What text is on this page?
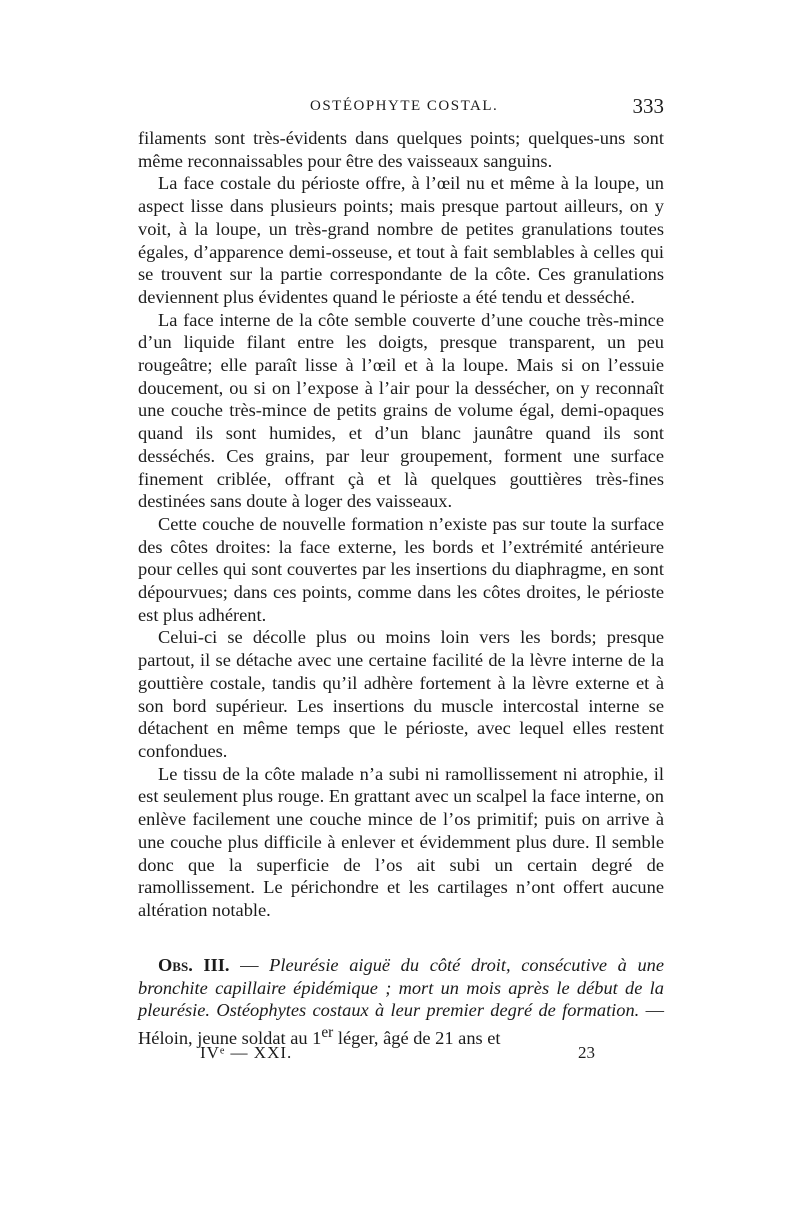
OSTÉOPHYTE COSTAL.	333

filaments sont très-évidents dans quelques points; quelques-uns sont même reconnaissables pour être des vaisseaux sanguins.

La face costale du périoste offre, à l’œil nu et même à la loupe, un aspect lisse dans plusieurs points; mais presque partout ailleurs, on y voit, à la loupe, un très-grand nombre de petites granulations toutes égales, d’apparence demi-osseuse, et tout à fait semblables à celles qui se trouvent sur la partie correspondante de la côte. Ces granulations deviennent plus évidentes quand le périoste a été tendu et desséché.

La face interne de la côte semble couverte d’une couche très-mince d’un liquide filant entre les doigts, presque transparent, un peu rougeâtre; elle paraît lisse à l’œil et à la loupe. Mais si on l’essuie doucement, ou si on l’expose à l’air pour la dessécher, on y reconnaît une couche très-mince de petits grains de volume égal, demi-opaques quand ils sont humides, et d’un blanc jaunâtre quand ils sont desséchés. Ces grains, par leur groupement, forment une surface finement criblée, offrant çà et là quelques gouttières très-fines destinées sans doute à loger des vaisseaux.

Cette couche de nouvelle formation n’existe pas sur toute la surface des côtes droites: la face externe, les bords et l’extrémité antérieure pour celles qui sont couvertes par les insertions du diaphragme, en sont dépourvues; dans ces points, comme dans les côtes droites, le périoste est plus adhérent.

Celui-ci se décolle plus ou moins loin vers les bords; presque partout, il se détache avec une certaine facilité de la lèvre interne de la gouttière costale, tandis qu’il adhère fortement à la lèvre externe et à son bord supérieur. Les insertions du muscle intercostal interne se détachent en même temps que le périoste, avec lequel elles restent confondues.

Le tissu de la côte malade n’a subi ni ramollissement ni atrophie, il est seulement plus rouge. En grattant avec un scalpel la face interne, on enlève facilement une couche mince de l’os primitif; puis on arrive à une couche plus difficile à enlever et évidemment plus dure. Il semble donc que la superficie de l’os ait subi un certain degré de ramollissement. Le périchondre et les cartilages n’ont offert aucune altération notable.

Obs. III. — Pleurésie aiguë du côté droit, consécutive à une bronchite capillaire épidémique ; mort un mois après le début de la pleurésie. Ostéophytes costaux à leur premier degré de formation. — Héloin, jeune soldat au 1er léger, âgé de 21 ans et

IVᵉ — XXI.	23
